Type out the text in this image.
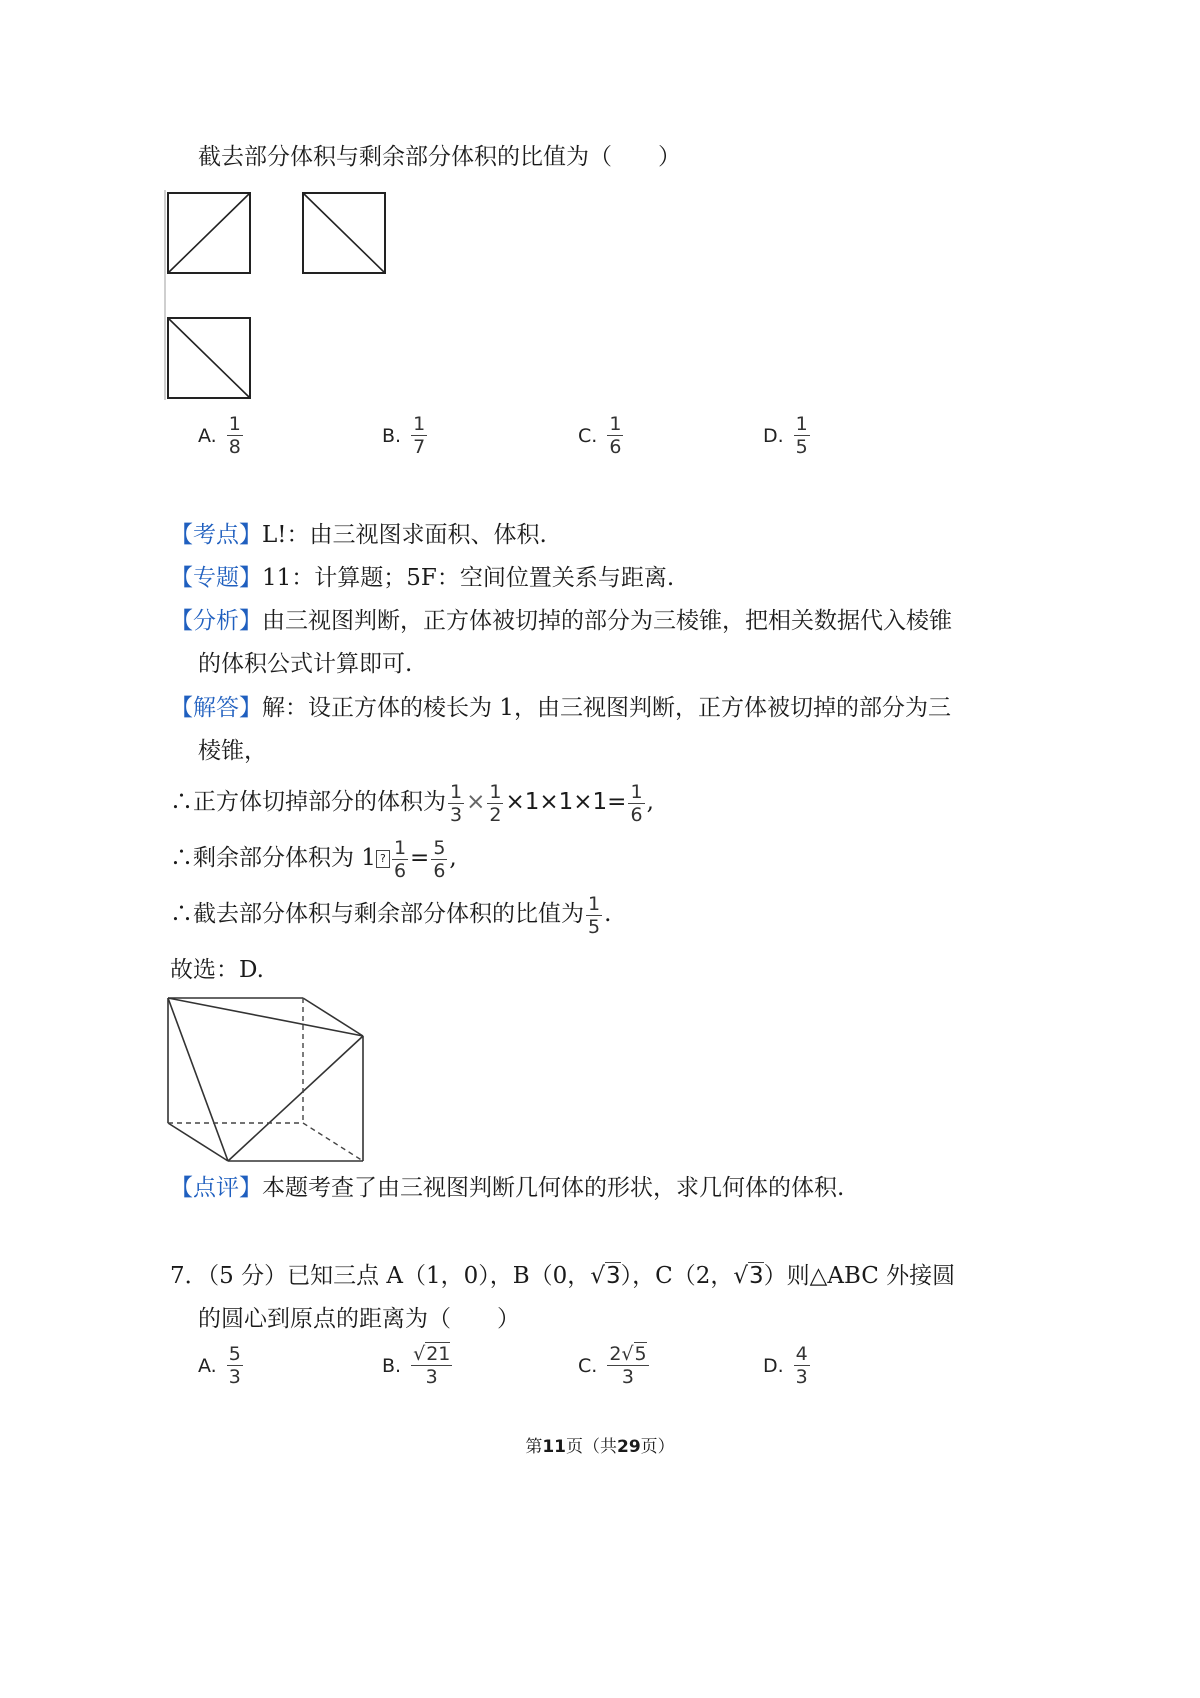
截去部分体积与剩余部分体积的比值为（　　）
A. $\frac{1}{8}$	B. $\frac{1}{7}$	C. $\frac{1}{6}$	D. $\frac{1}{5}$
【考点】L!：由三视图求面积、体积.
【专题】11：计算题；5F：空间位置关系与距离.
【分析】由三视图判断，正方体被切掉的部分为三棱锥，把相关数据代入棱锥
的体积公式计算即可.
【解答】解：设正方体的棱长为 1，由三视图判断，正方体被切掉的部分为三
棱锥，
∴正方体切掉部分的体积为 $\frac{1}{3} \times \frac{1}{2} \times 1\times 1\times 1= \frac{1}{6}$ ,
∴剩余部分体积为 1 ? $\frac{1}{6} = \frac{5}{6}$ ,
∴截去部分体积与剩余部分体积的比值为 $\frac{1}{5}$ .
故选：D.
【点评】本题考查了由三视图判断几何体的形状，求几何体的体积.
7．（5 分）已知三点 A（1，0），B（0，√3），C（2，√3）则△ABC 外接圆
的圆心到原点的距离为（　　）
A. $\frac{5}{3}$	B. $\frac{√21}{3}$	C. $\frac{2√5}{3}$	D. $\frac{4}{3}$
第11页（共29页）
